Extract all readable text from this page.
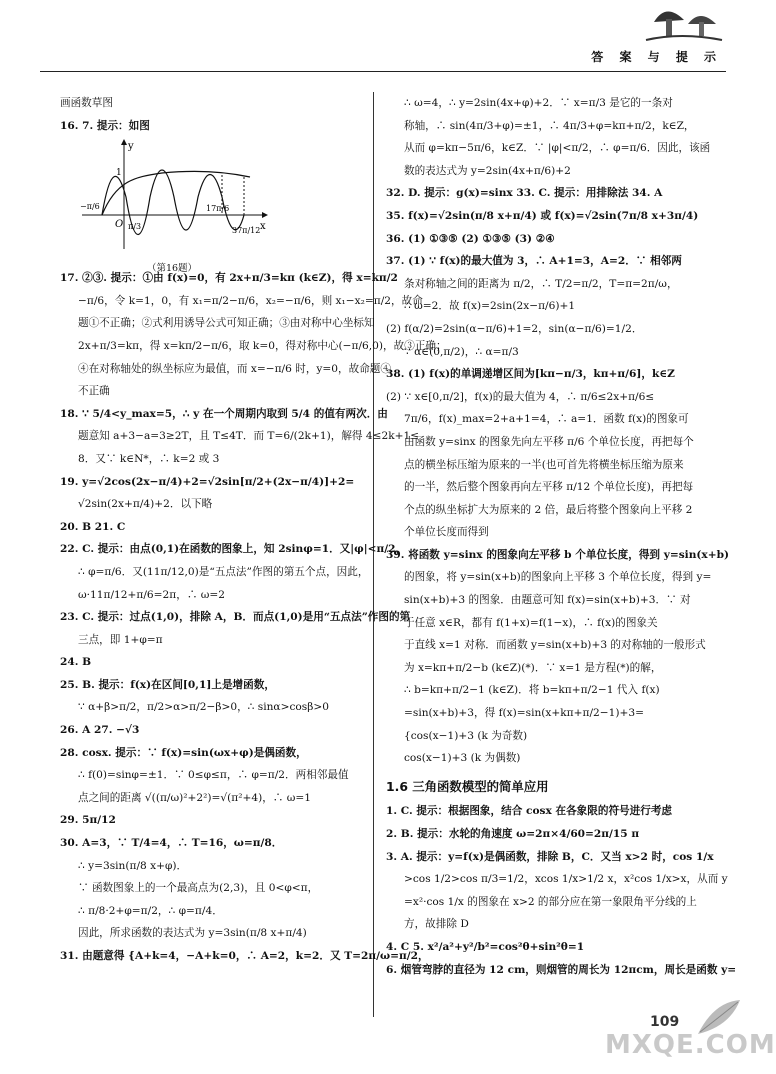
答 案 与 提 示
画函数草图
16. 7. 提示：如图
y
x
O
1
−π/6
π/3
17π/6
37π/12
（第16题）
17. ②③. 提示：①由 f(x)=0，有 2x+π/3=kπ (k∈Z)，得 x=kπ/2
−π/6，令 k=1，0，有 x₁=π/2−π/6，x₂=−π/6，则 x₁−x₂=π/2，故命
题①不正确；②式利用诱导公式可知正确；③由对称中心坐标知
2x+π/3=kπ，得 x=kπ/2−π/6，取 k=0，得对称中心(−π/6,0)，故③正确；
④在对称轴处的纵坐标应为最值，而 x=−π/6 时，y=0，故命题④
不正确
18. ∵ 5/4<y_max=5，∴ y 在一个周期内取到 5/4 的值有两次．由
题意知 a+3−a=3≥2T，且 T≤4T．而 T=6/(2k+1)，解得 4≤2k+1≤
8．又∵ k∈N*，∴ k=2 或 3
19. y=√2cos(2x−π/4)+2=√2sin[π/2+(2x−π/4)]+2=
√2sin(2x+π/4)+2．以下略
20. B 21. C
22. C. 提示：由点(0,1)在函数的图象上，知 2sinφ=1．又|φ|<π/2，
∴ φ=π/6．又(11π/12,0)是“五点法”作图的第五个点，因此，
ω·11π/12+π/6=2π，∴ ω=2
23. C. 提示：过点(1,0)，排除 A，B．而点(1,0)是用“五点法”作图的第
三点，即 1+φ=π
24. B
25. B. 提示：f(x)在区间[0,1]上是增函数，
∵ α+β>π/2，π/2>α>π/2−β>0，∴ sinα>cosβ>0
26. A 27. −√3
28. cosx. 提示：∵ f(x)=sin(ωx+φ)是偶函数，
∴ f(0)=sinφ=±1．∵ 0≤φ≤π，∴ φ=π/2．两相邻最值
点之间的距离 √((π/ω)²+2²)=√(π²+4)，∴ ω=1
29. 5π/12
30. A=3，∵ T/4=4，∴ T=16，ω=π/8．
∴ y=3sin(π/8 x+φ)．
∵ 函数图象上的一个最高点为(2,3)，且 0<φ<π，
∴ π/8·2+φ=π/2，∴ φ=π/4．
因此，所求函数的表达式为 y=3sin(π/8 x+π/4)
31. 由题意得 {A+k=4，−A+k=0，∴ A=2，k=2．又 T=2π/ω=π/2，
∴ ω=4，∴ y=2sin(4x+φ)+2．∵ x=π/3 是它的一条对
称轴，∴ sin(4π/3+φ)=±1，∴ 4π/3+φ=kπ+π/2，k∈Z，
从而 φ=kπ−5π/6，k∈Z．∵ |φ|<π/2，∴ φ=π/6．因此，该函
数的表达式为 y=2sin(4x+π/6)+2
32. D. 提示：g(x)=sinx 33. C. 提示：用排除法 34. A
35. f(x)=√2sin(π/8 x+π/4) 或 f(x)=√2sin(7π/8 x+3π/4)
36. (1) ①③⑤ (2) ①③⑤ (3) ②④
37. (1) ∵ f(x)的最大值为 3，∴ A+1=3，A=2．∵ 相邻两
条对称轴之间的距离为 π/2，∴ T/2=π/2，T=π=2π/ω，
∴ ω=2．故 f(x)=2sin(2x−π/6)+1
(2) f(α/2)=2sin(α−π/6)+1=2，sin(α−π/6)=1/2．
∵ α∈(0,π/2)，∴ α=π/3
38. (1) f(x)的单调递增区间为[kπ−π/3，kπ+π/6]，k∈Z
(2) ∵ x∈[0,π/2]，f(x)的最大值为 4，∴ π/6≤2x+π/6≤
7π/6，f(x)_max=2+a+1=4，∴ a=1．函数 f(x)的图象可
由函数 y=sinx 的图象先向左平移 π/6 个单位长度，再把每个
点的横坐标压缩为原来的一半(也可首先将横坐标压缩为原来
的一半，然后整个图象再向左平移 π/12 个单位长度)，再把每
个点的纵坐标扩大为原来的 2 倍，最后将整个图象向上平移 2
个单位长度而得到
39. 将函数 y=sinx 的图象向左平移 b 个单位长度，得到 y=sin(x+b)
的图象，将 y=sin(x+b)的图象向上平移 3 个单位长度，得到 y=
sin(x+b)+3 的图象．由题意可知 f(x)=sin(x+b)+3．∵ 对
于任意 x∈R，都有 f(1+x)=f(1−x)，∴ f(x)的图象关
于直线 x=1 对称．而函数 y=sin(x+b)+3 的对称轴的一般形式
为 x=kπ+π/2−b (k∈Z)(*)．∵ x=1 是方程(*)的解，
∴ b=kπ+π/2−1 (k∈Z)．将 b=kπ+π/2−1 代入 f(x)
=sin(x+b)+3，得 f(x)=sin(x+kπ+π/2−1)+3=
{cos(x−1)+3 (k 为奇数)
cos(x−1)+3 (k 为偶数)
1.6 三角函数模型的简单应用
1. C. 提示：根据图象，结合 cosx 在各象限的符号进行考虑
2. B. 提示：水轮的角速度 ω=2π×4/60=2π/15 π
3. A. 提示：y=f(x)是偶函数，排除 B，C．又当 x>2 时，cos 1/x
>cos 1/2>cos π/3=1/2，xcos 1/x>1/2 x，x²cos 1/x>x，从而 y
=x²·cos 1/x 的图象在 x>2 的部分应在第一象限角平分线的上
方，故排除 D
4. C 5. x²/a²+y²/b²=cos²θ+sin²θ=1
6. 烟管弯脖的直径为 12 cm，则烟管的周长为 12πcm，周长是函数 y=
109
MXQE.COM
